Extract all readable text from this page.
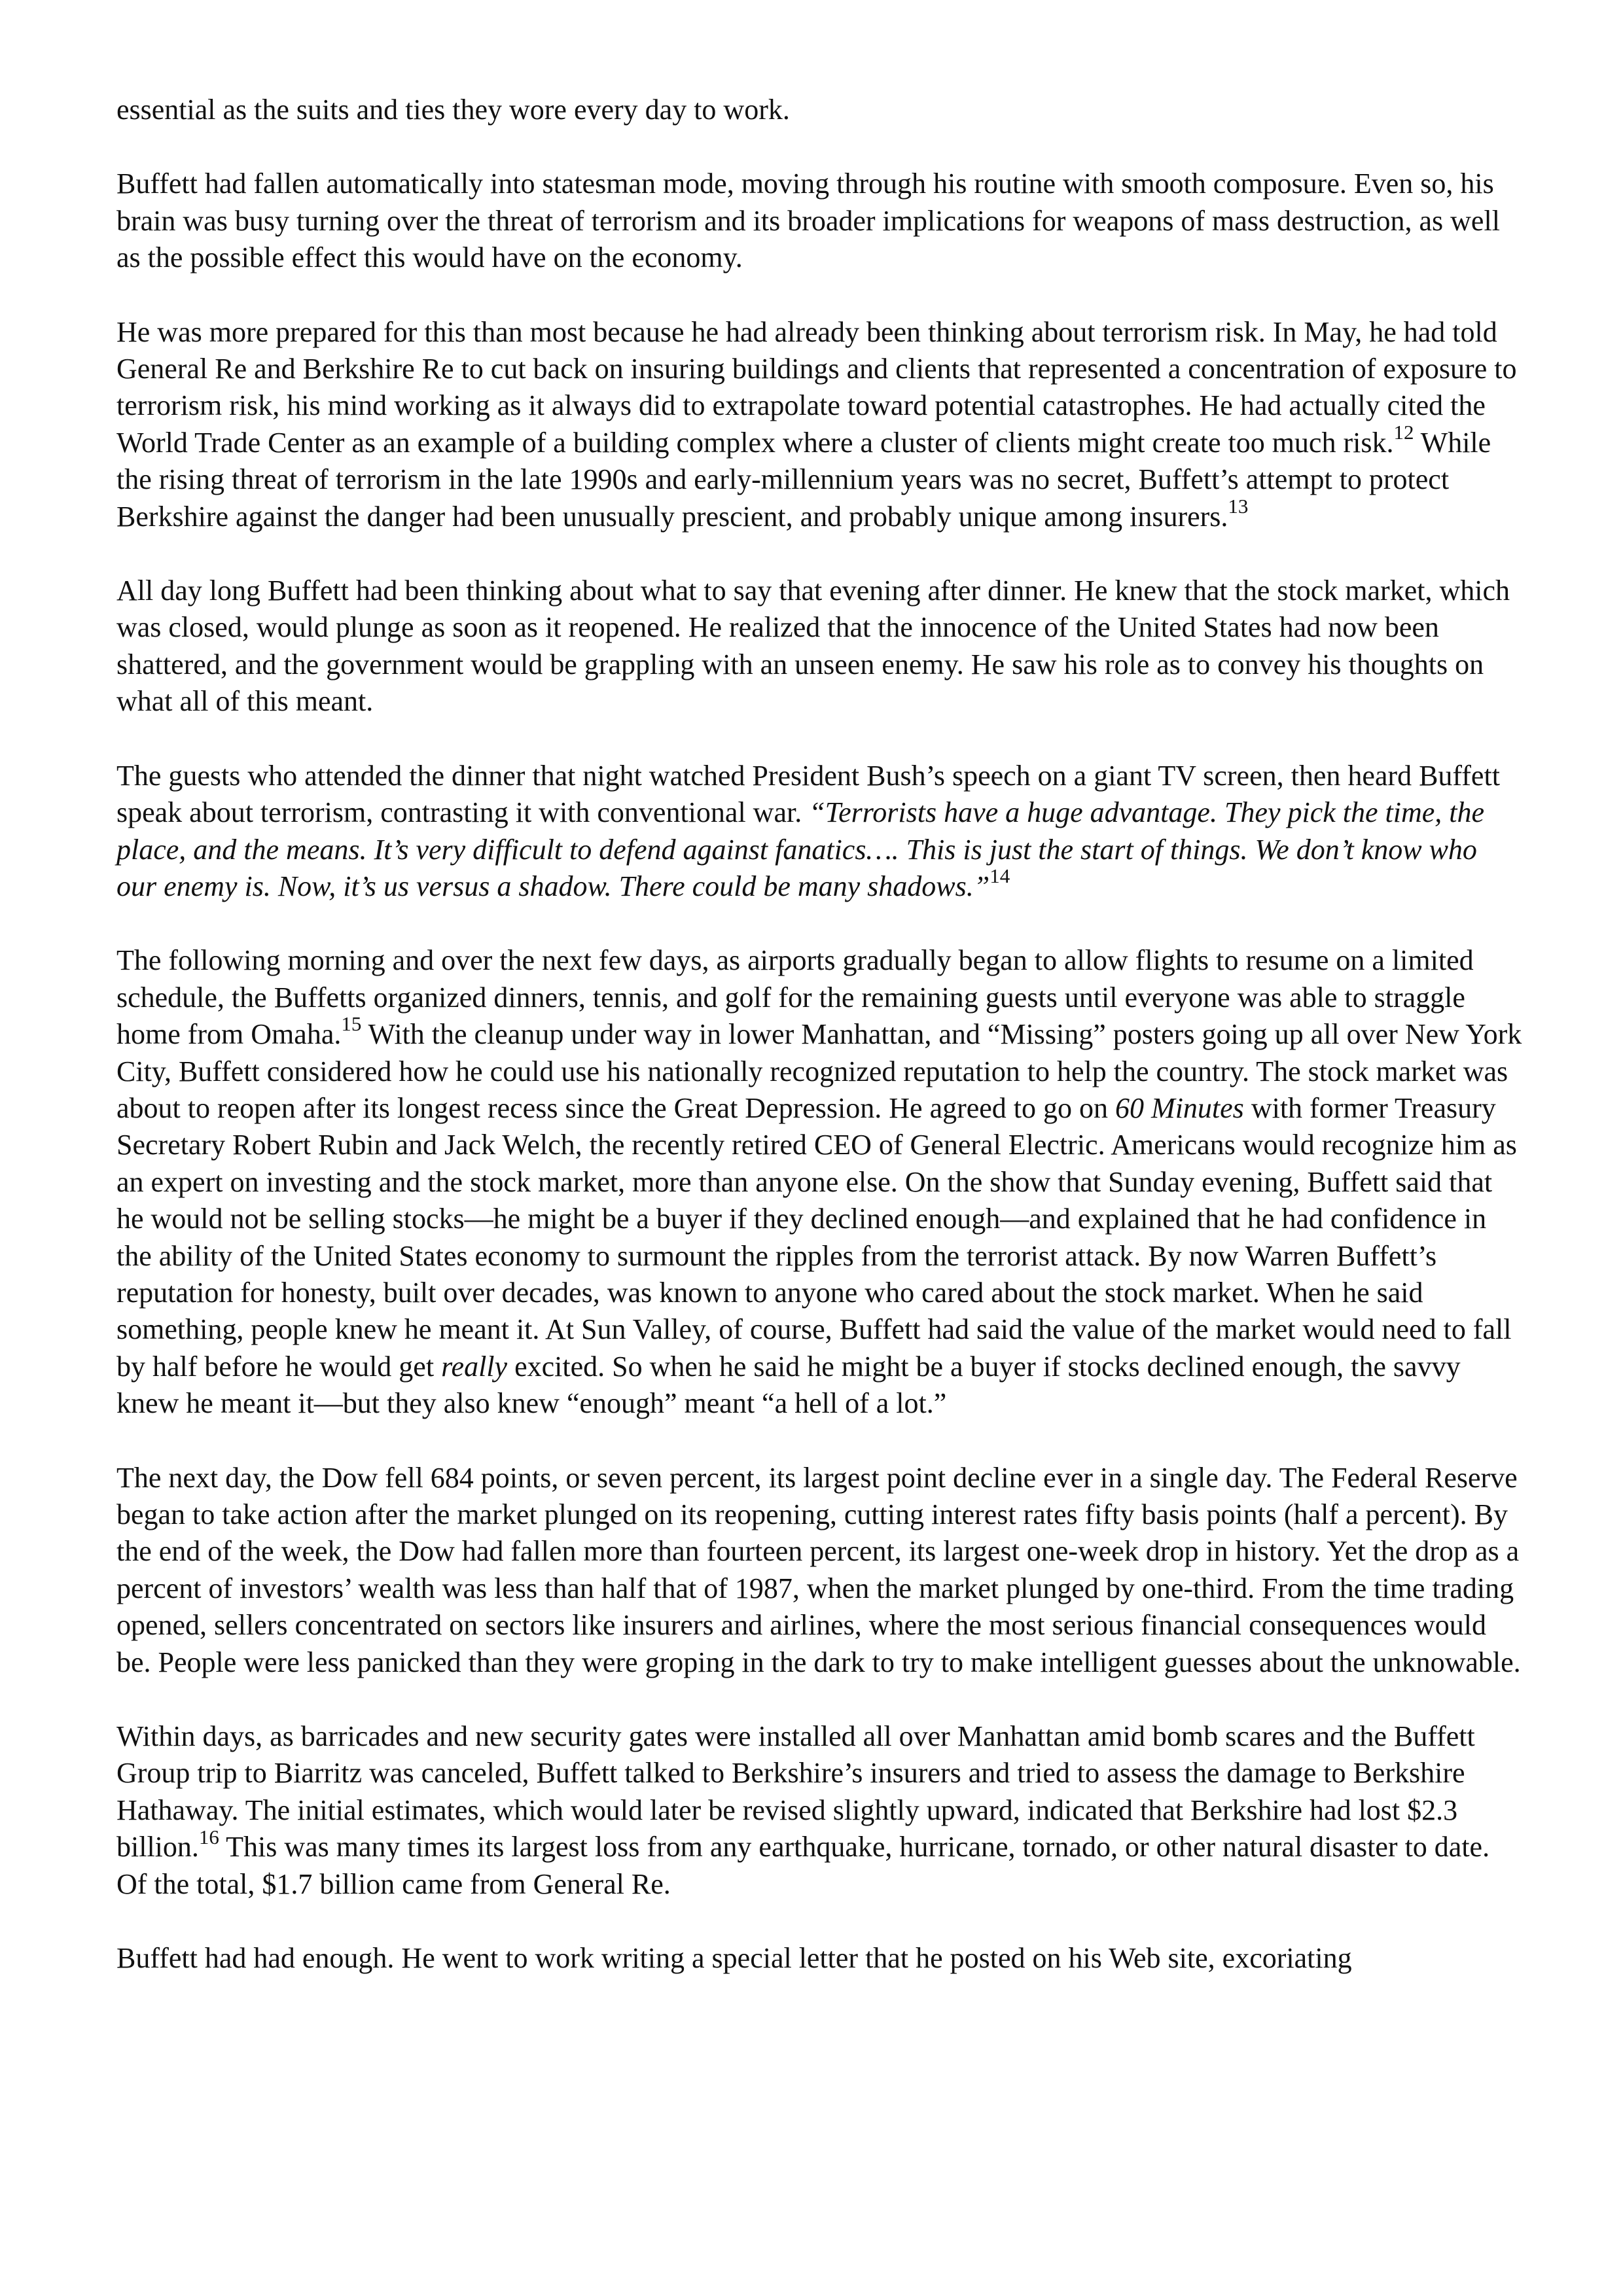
essential as the suits and ties they wore every day to work.

Buffett had fallen automatically into statesman mode, moving through his routine with smooth composure. Even so, his brain was busy turning over the threat of terrorism and its broader implications for weapons of mass destruction, as well as the possible effect this would have on the economy.

He was more prepared for this than most because he had already been thinking about terrorism risk. In May, he had told General Re and Berkshire Re to cut back on insuring buildings and clients that represented a concentration of exposure to terrorism risk, his mind working as it always did to extrapolate toward potential catastrophes. He had actually cited the World Trade Center as an example of a building complex where a cluster of clients might create too much risk.$^{12}$ While the rising threat of terrorism in the late 1990s and early-millennium years was no secret, Buffett’s attempt to protect Berkshire against the danger had been unusually prescient, and probably unique among insurers.$^{13}$

All day long Buffett had been thinking about what to say that evening after dinner. He knew that the stock market, which was closed, would plunge as soon as it reopened. He realized that the innocence of the United States had now been shattered, and the government would be grappling with an unseen enemy. He saw his role as to convey his thoughts on what all of this meant.

The guests who attended the dinner that night watched President Bush’s speech on a giant TV screen, then heard Buffett speak about terrorism, contrasting it with conventional war. “Terrorists have a huge advantage. They pick the time, the place, and the means. It’s very difficult to defend against fanatics…. This is just the start of things. We don’t know who our enemy is. Now, it’s us versus a shadow. There could be many shadows.”$^{14}$

The following morning and over the next few days, as airports gradually began to allow flights to resume on a limited schedule, the Buffetts organized dinners, tennis, and golf for the remaining guests until everyone was able to straggle home from Omaha.$^{15}$ With the cleanup under way in lower Manhattan, and “Missing” posters going up all over New York City, Buffett considered how he could use his nationally recognized reputation to help the country. The stock market was about to reopen after its longest recess since the Great Depression. He agreed to go on 60 Minutes with former Treasury Secretary Robert Rubin and Jack Welch, the recently retired CEO of General Electric. Americans would recognize him as an expert on investing and the stock market, more than anyone else. On the show that Sunday evening, Buffett said that he would not be selling stocks—he might be a buyer if they declined enough—and explained that he had confidence in the ability of the United States economy to surmount the ripples from the terrorist attack. By now Warren Buffett’s reputation for honesty, built over decades, was known to anyone who cared about the stock market. When he said something, people knew he meant it. At Sun Valley, of course, Buffett had said the value of the market would need to fall by half before he would get really excited. So when he said he might be a buyer if stocks declined enough, the savvy knew he meant it—but they also knew “enough” meant “a hell of a lot.”

The next day, the Dow fell 684 points, or seven percent, its largest point decline ever in a single day. The Federal Reserve began to take action after the market plunged on its reopening, cutting interest rates fifty basis points (half a percent). By the end of the week, the Dow had fallen more than fourteen percent, its largest one-week drop in history. Yet the drop as a percent of investors’ wealth was less than half that of 1987, when the market plunged by one-third. From the time trading opened, sellers concentrated on sectors like insurers and airlines, where the most serious financial consequences would be. People were less panicked than they were groping in the dark to try to make intelligent guesses about the unknowable.

Within days, as barricades and new security gates were installed all over Manhattan amid bomb scares and the Buffett Group trip to Biarritz was canceled, Buffett talked to Berkshire’s insurers and tried to assess the damage to Berkshire Hathaway. The initial estimates, which would later be revised slightly upward, indicated that Berkshire had lost $2.3 billion.$^{16}$ This was many times its largest loss from any earthquake, hurricane, tornado, or other natural disaster to date. Of the total, $1.7 billion came from General Re.

Buffett had had enough. He went to work writing a special letter that he posted on his Web site, excoriating
